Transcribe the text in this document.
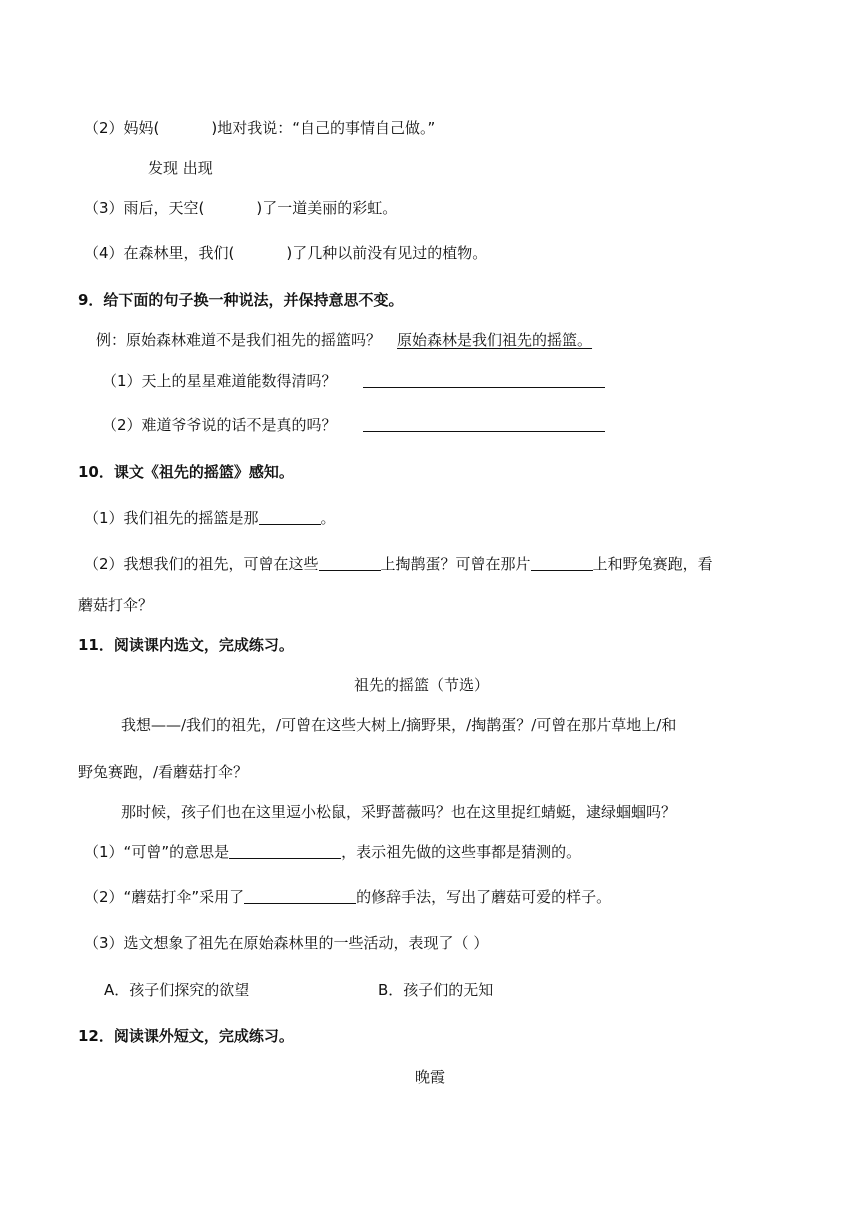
（2）妈妈(	)地对我说：“自己的事情自己做。”
发现 出现
（3）雨后，天空(	)了一道美丽的彩虹。
（4）在森林里，我们(	)了几种以前没有见过的植物。
9．给下面的句子换一种说法，并保持意思不变。
例：原始森林难道不是我们祖先的摇篮吗？ 原始森林是我们祖先的摇篮。
（1）天上的星星难道能数得清吗？
（2）难道爷爷说的话不是真的吗？
10．课文《祖先的摇篮》感知。
（1）我们祖先的摇篮是那	。
（2）我想我们的祖先，可曾在这些	上掏鹊蛋？可曾在那片	上和野兔赛跑，看
蘑菇打伞？
11．阅读课内选文，完成练习。
祖先的摇篮（节选）
我想——/我们的祖先，/可曾在这些大树上/摘野果，/掏鹊蛋？/可曾在那片草地上/和
野兔赛跑，/看蘑菇打伞？
那时候，孩子们也在这里逗小松鼠，采野蔷薇吗？也在这里捉红蜻蜓，逮绿蝈蝈吗？
（1）“可曾”的意思是	，表示祖先做的这些事都是猜测的。
（2）“蘑菇打伞”采用了	的修辞手法，写出了蘑菇可爱的样子。
（3）选文想象了祖先在原始森林里的一些活动，表现了（ ）
A．孩子们探究的欲望	B．孩子们的无知
12．阅读课外短文，完成练习。
晚霞
